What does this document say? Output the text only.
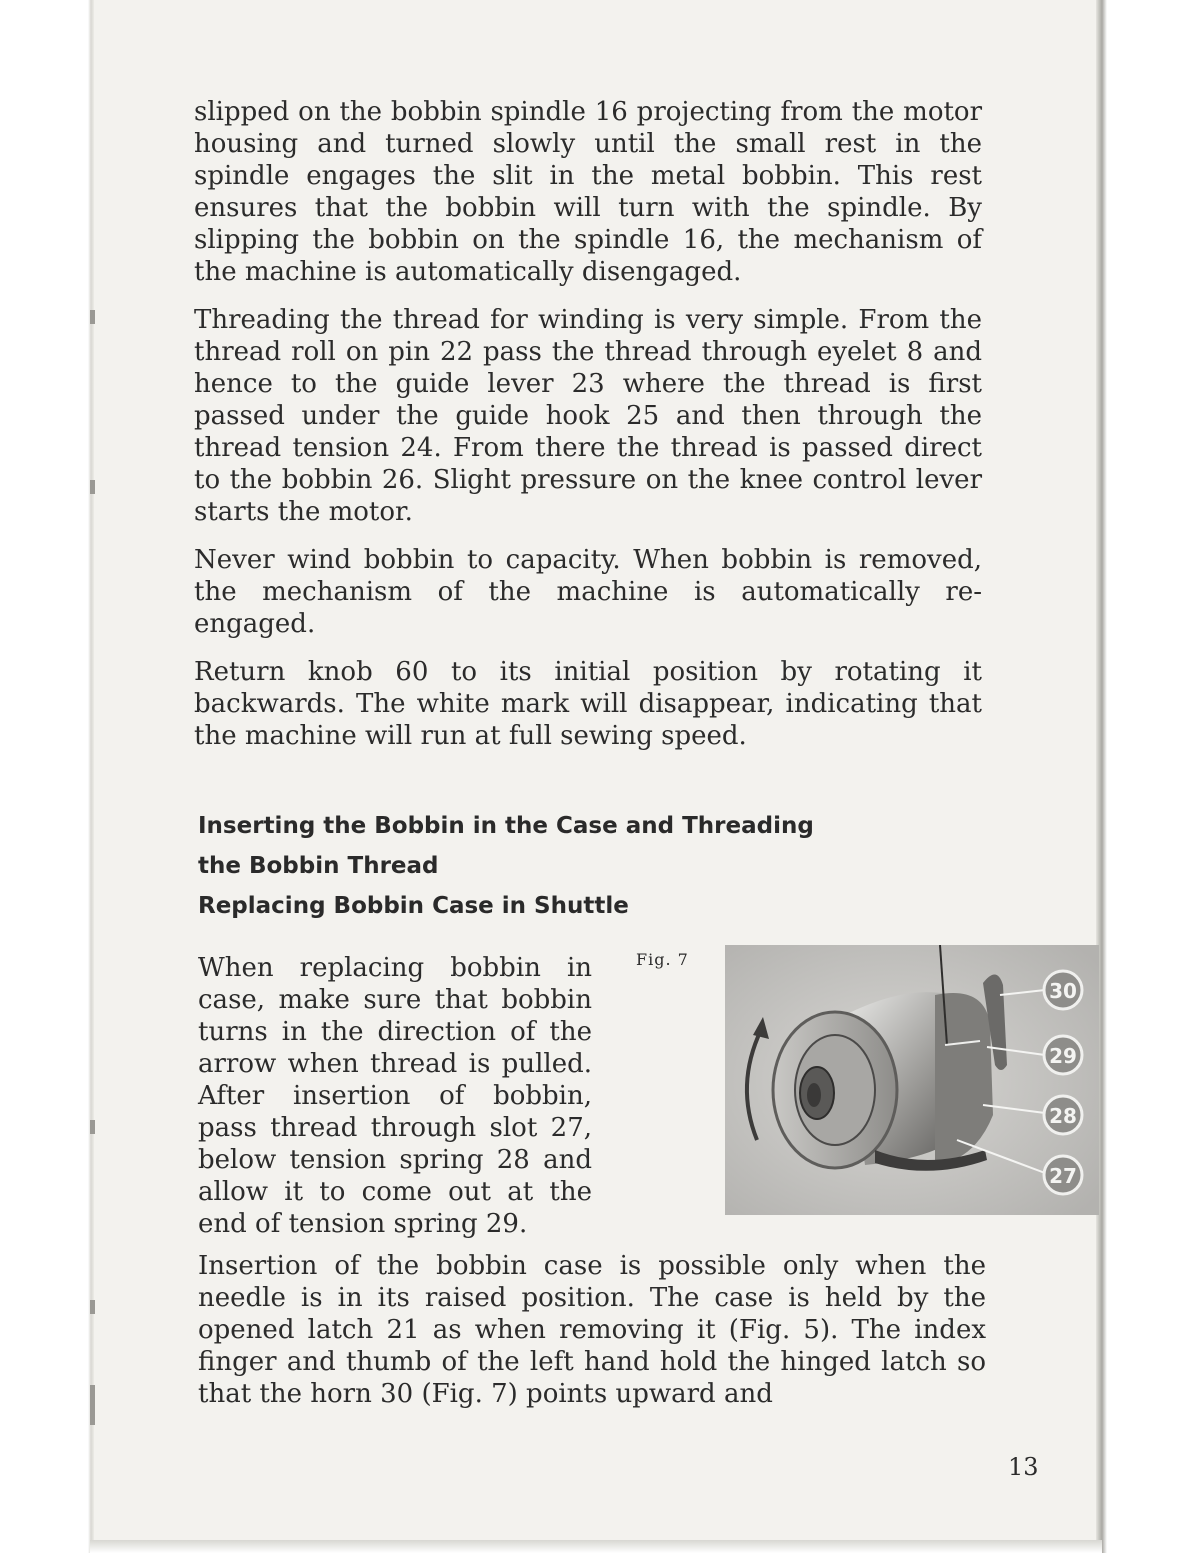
slipped on the bobbin spindle 16 projecting from the motor housing and turned slowly until the small rest in the spindle engages the slit in the metal bobbin. This rest ensures that the bobbin will turn with the spindle. By slipping the bobbin on the spindle 16, the mechanism of the machine is automatically disengaged.

Threading the thread for winding is very simple. From the thread roll on pin 22 pass the thread through eyelet 8 and hence to the guide lever 23 where the thread is first passed under the guide hook 25 and then through the thread tension 24. From there the thread is passed direct to the bobbin 26. Slight pressure on the knee control lever starts the motor.

Never wind bobbin to capacity. When bobbin is removed, the mechanism of the machine is automatically re-engaged.

Return knob 60 to its initial position by rotating it backwards. The white mark will disappear, indicating that the machine will run at full sewing speed.

Inserting the Bobbin in the Case and Threading
the Bobbin Thread
Replacing Bobbin Case in Shuttle
When replacing bobbin in case, make sure that bobbin turns in the direction of the arrow when thread is pulled. After insertion of bobbin, pass thread through slot 27, below tension spring 28 and allow it to come out at the end of tension spring 29.
Fig. 7
30
29
28
27
Insertion of the bobbin case is possible only when the needle is in its raised position. The case is held by the opened latch 21 as when removing it (Fig. 5). The index finger and thumb of the left hand hold the hinged latch so that the horn 30 (Fig. 7) points upward and
13
